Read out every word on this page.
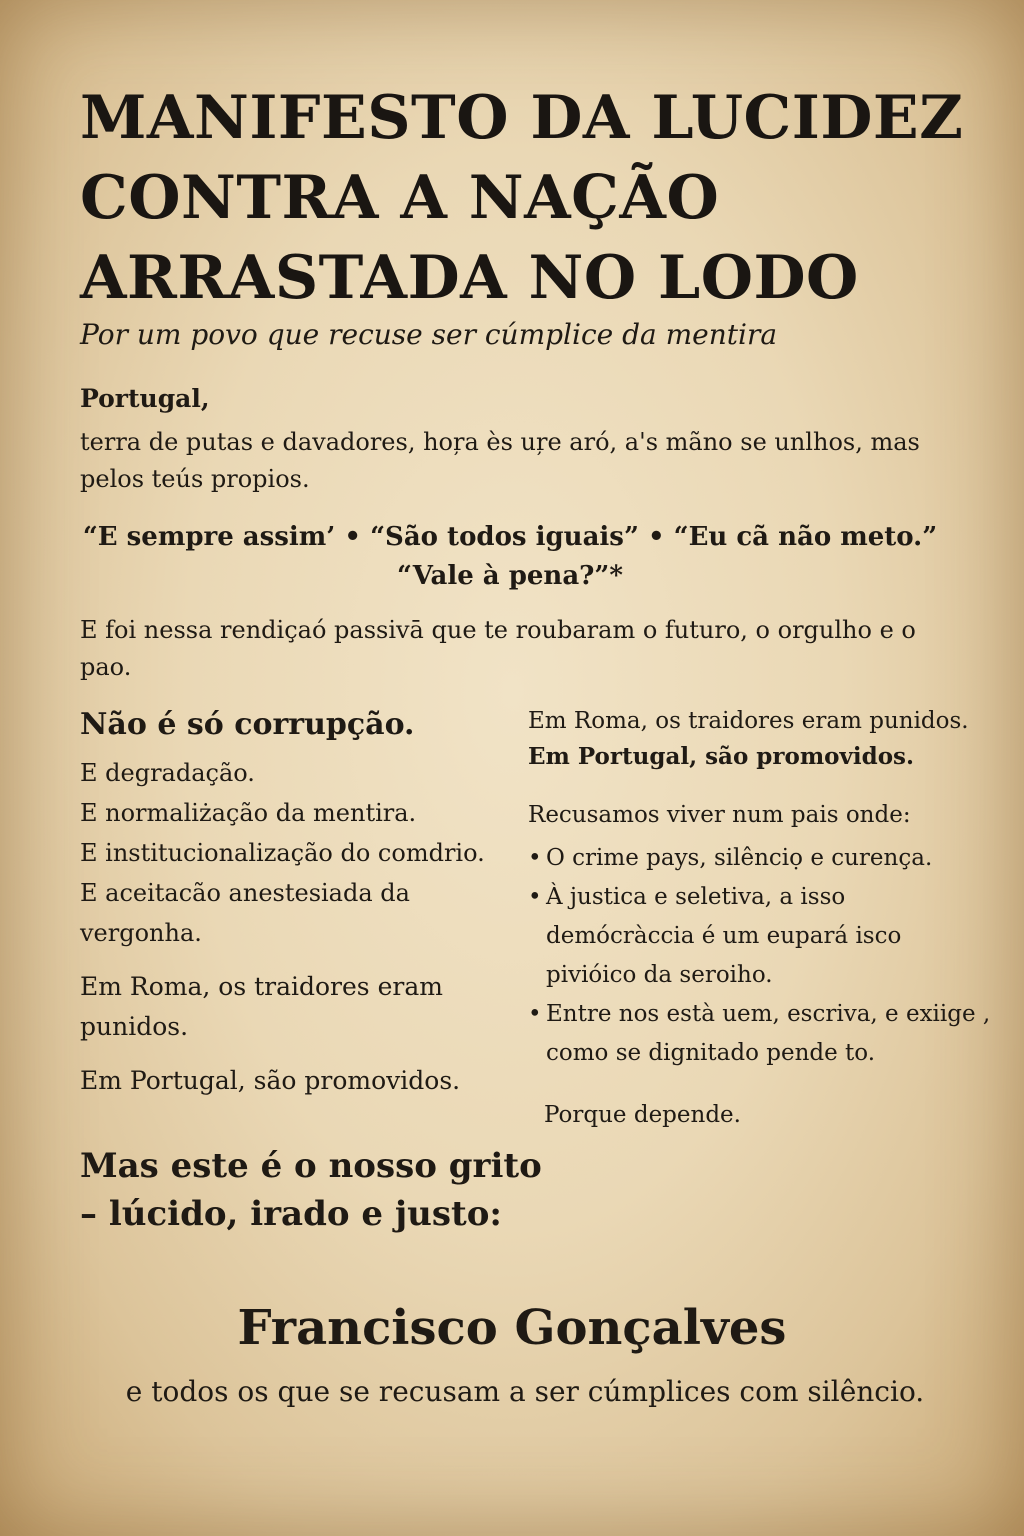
MANIFESTO DA LUCIDEZ
CONTRA A NAÇÃO
ARRASTADA NO LODO
Por um povo que recuse ser cúmplice da mentira
Portugal,
terra de putas e davadores, hoŗa ès uŗe aró, a's mãno se unlhos, mas pelos teús propios.
“E sempre assim’ • “São todos iguais” • “Eu cã não meto.”
“Vale à pena?”*
E foi nessa rendiçaó passivā que te roubaram o futuro, o orgulho e o pao.
Não é só corrupção.
E degradação.
E normaliżação da mentira.
E institucionalização do comdrio.
E aceitacão anestesiada da vergonha.
Em Roma, os traidores eram punidos.
Em Portugal, são promovidos.
Mas este é o nosso grito – lúcido, irado e justo:
Em Roma, os traidores eram punidos.
Em Portugal, são promovidos.
Recusamos viver num pais onde:
• O crime pays, silênciọ e curença.
• À justica e seletiva, a isso demócràccia é um eupará isco pivióico da seroiho.
• Entre nos està uem, escriva, e exiige , como se dignitado pende to.
Porque depende.
Francisco Gonçalves
e todos os que se recusam a ser cúmplices com silêncio.
